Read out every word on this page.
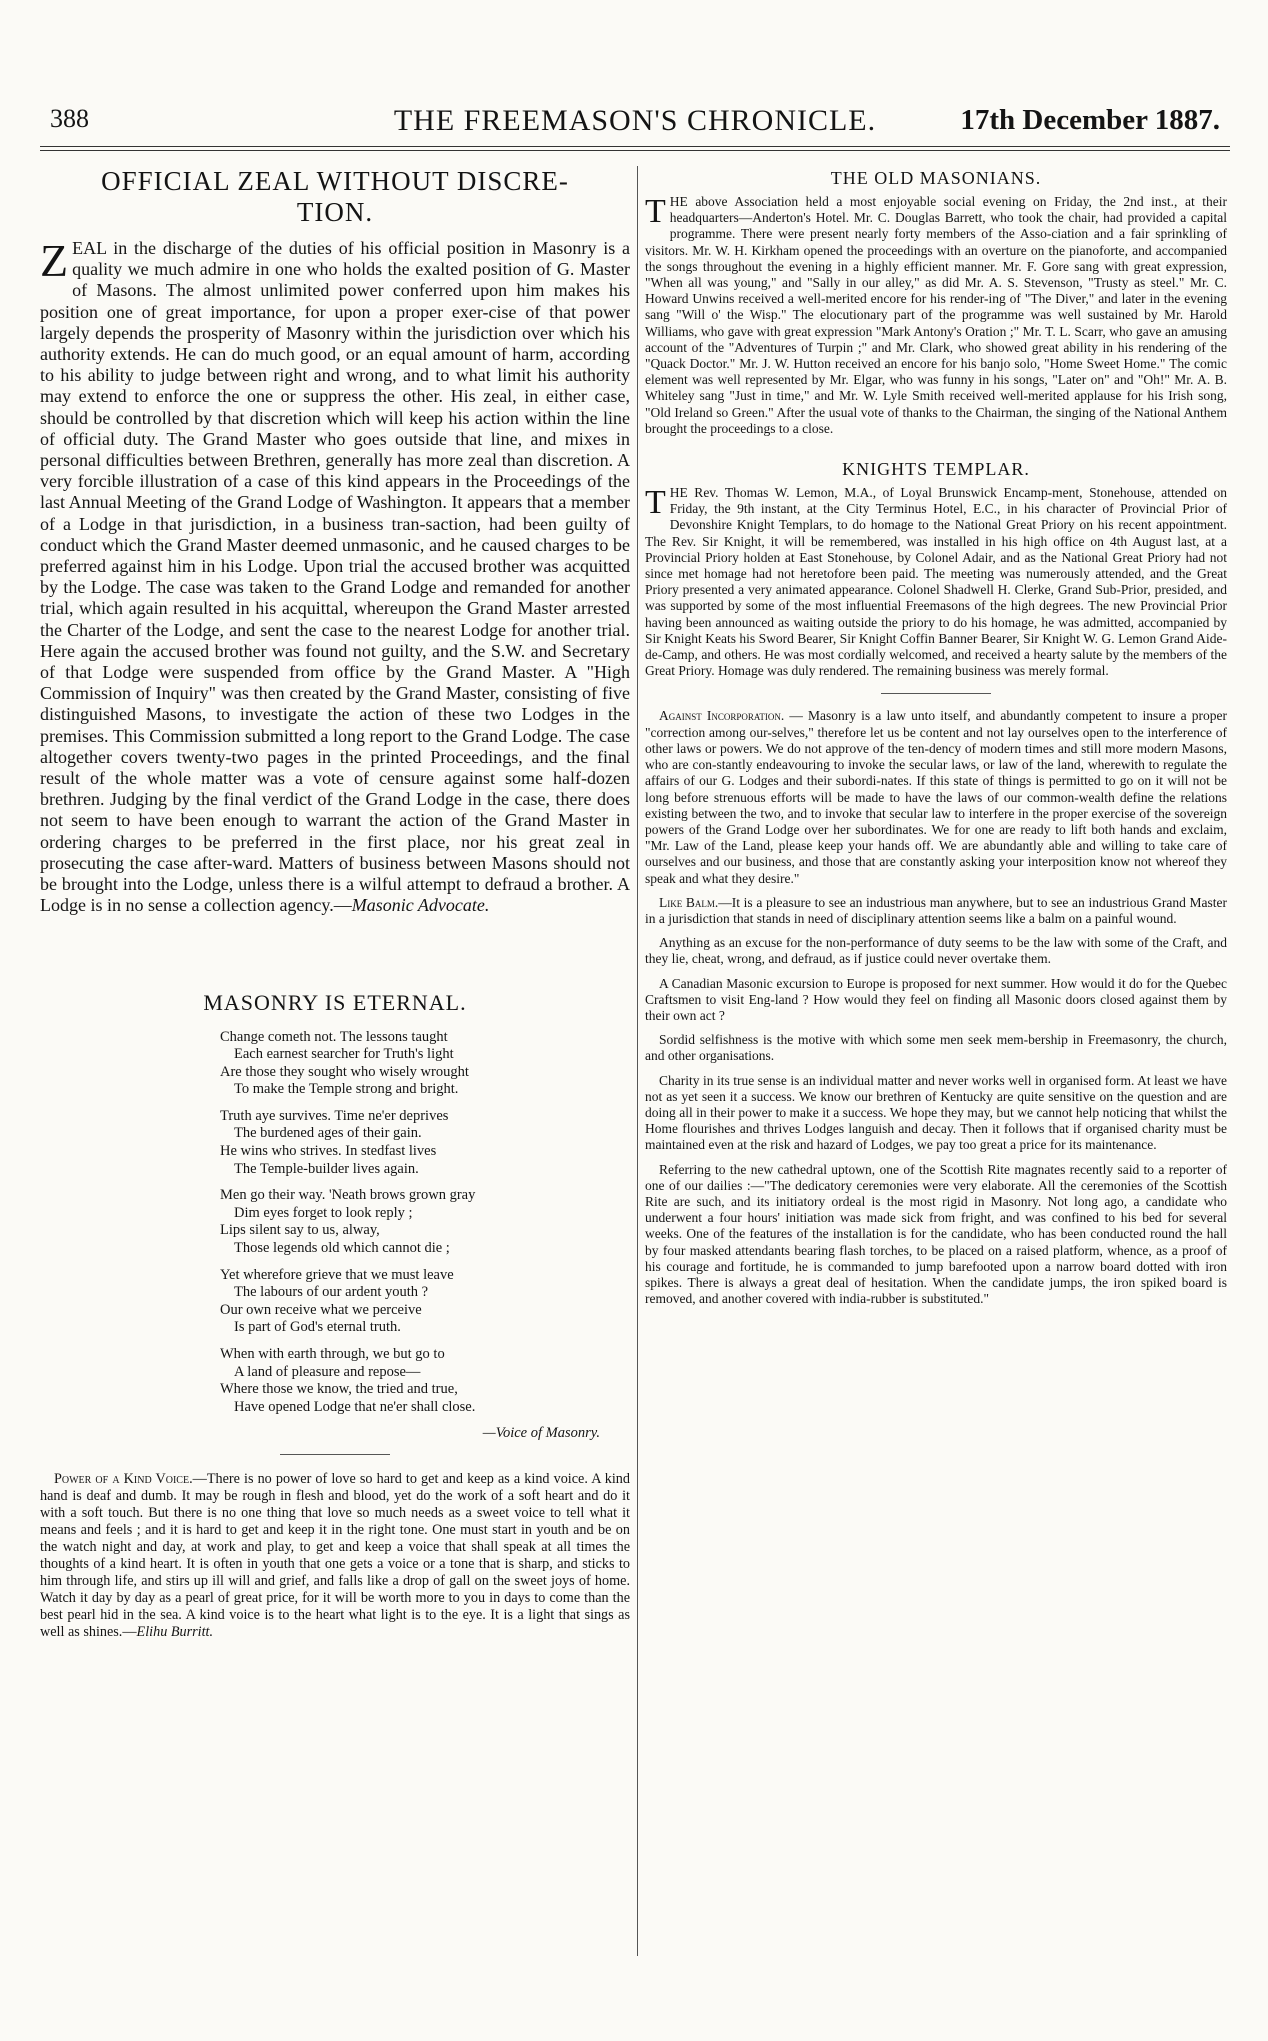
388	THE FREEMASON'S CHRONICLE.	17th December 1887.
OFFICIAL ZEAL WITHOUT DISCRE-TION.

ZEAL in the discharge of the duties of his official position in Masonry is a quality we much admire in one who holds the exalted position of G. Master of Masons. The almost unlimited power conferred upon him makes his position one of great importance, for upon a proper exer-cise of that power largely depends the prosperity of Masonry within the jurisdiction over which his authority extends. He can do much good, or an equal amount of harm, according to his ability to judge between right and wrong, and to what limit his authority may extend to enforce the one or suppress the other. His zeal, in either case, should be controlled by that discretion which will keep his action within the line of official duty. The Grand Master who goes outside that line, and mixes in personal difficulties between Brethren, generally has more zeal than discretion. A very forcible illustration of a case of this kind appears in the Proceedings of the last Annual Meeting of the Grand Lodge of Washington. It appears that a member of a Lodge in that jurisdiction, in a business tran-saction, had been guilty of conduct which the Grand Master deemed unmasonic, and he caused charges to be preferred against him in his Lodge. Upon trial the accused brother was acquitted by the Lodge. The case was taken to the Grand Lodge and remanded for another trial, which again resulted in his acquittal, whereupon the Grand Master arrested the Charter of the Lodge, and sent the case to the nearest Lodge for another trial. Here again the accused brother was found not guilty, and the S.W. and Secretary of that Lodge were suspended from office by the Grand Master. A "High Commission of Inquiry" was then created by the Grand Master, consisting of five distinguished Masons, to investigate the action of these two Lodges in the premises. This Commission submitted a long report to the Grand Lodge. The case altogether covers twenty-two pages in the printed Proceedings, and the final result of the whole matter was a vote of censure against some half-dozen brethren. Judging by the final verdict of the Grand Lodge in the case, there does not seem to have been enough to warrant the action of the Grand Master in ordering charges to be preferred in the first place, nor his great zeal in prosecuting the case after-ward. Matters of business between Masons should not be brought into the Lodge, unless there is a wilful attempt to defraud a brother. A Lodge is in no sense a collection agency.—Masonic Advocate.

MASONRY IS ETERNAL.
Change cometh not. The lessons taught
Each earnest searcher for Truth's light
Are those they sought who wisely wrought
To make the Temple strong and bright.
Truth aye survives. Time ne'er deprives
The burdened ages of their gain.
He wins who strives. In stedfast lives
The Temple-builder lives again.
Men go their way. 'Neath brows grown gray
Dim eyes forget to look reply ;
Lips silent say to us, alway,
Those legends old which cannot die ;
Yet wherefore grieve that we must leave
The labours of our ardent youth ?
Our own receive what we perceive
Is part of God's eternal truth.
When with earth through, we but go to
A land of pleasure and repose—
Where those we know, the tried and true,
Have opened Lodge that ne'er shall close.
—Voice of Masonry.

Power of a Kind Voice.—There is no power of love so hard to get and keep as a kind voice. A kind hand is deaf and dumb. It may be rough in flesh and blood, yet do the work of a soft heart and do it with a soft touch. But there is no one thing that love so much needs as a sweet voice to tell what it means and feels ; and it is hard to get and keep it in the right tone. One must start in youth and be on the watch night and day, at work and play, to get and keep a voice that shall speak at all times the thoughts of a kind heart. It is often in youth that one gets a voice or a tone that is sharp, and sticks to him through life, and stirs up ill will and grief, and falls like a drop of gall on the sweet joys of home. Watch it day by day as a pearl of great price, for it will be worth more to you in days to come than the best pearl hid in the sea. A kind voice is to the heart what light is to the eye. It is a light that sings as well as shines.—Elihu Burritt.

THE OLD MASONIANS.

THE above Association held a most enjoyable social evening on Friday, the 2nd inst., at their headquarters—Anderton's Hotel. Mr. C. Douglas Barrett, who took the chair, had provided a capital programme. There were present nearly forty members of the Asso-ciation and a fair sprinkling of visitors. Mr. W. H. Kirkham opened the proceedings with an overture on the pianoforte, and accompanied the songs throughout the evening in a highly efficient manner. Mr. F. Gore sang with great expression, "When all was young," and "Sally in our alley," as did Mr. A. S. Stevenson, "Trusty as steel." Mr. C. Howard Unwins received a well-merited encore for his render-ing of "The Diver," and later in the evening sang "Will o' the Wisp." The elocutionary part of the programme was well sustained by Mr. Harold Williams, who gave with great expression "Mark Antony's Oration ;" Mr. T. L. Scarr, who gave an amusing account of the "Adventures of Turpin ;" and Mr. Clark, who showed great ability in his rendering of the "Quack Doctor." Mr. J. W. Hutton received an encore for his banjo solo, "Home Sweet Home." The comic element was well represented by Mr. Elgar, who was funny in his songs, "Later on" and "Oh!" Mr. A. B. Whiteley sang "Just in time," and Mr. W. Lyle Smith received well-merited applause for his Irish song, "Old Ireland so Green." After the usual vote of thanks to the Chairman, the singing of the National Anthem brought the proceedings to a close.

KNIGHTS TEMPLAR.

THE Rev. Thomas W. Lemon, M.A., of Loyal Brunswick Encamp-ment, Stonehouse, attended on Friday, the 9th instant, at the City Terminus Hotel, E.C., in his character of Provincial Prior of Devonshire Knight Templars, to do homage to the National Great Priory on his recent appointment. The Rev. Sir Knight, it will be remembered, was installed in his high office on 4th August last, at a Provincial Priory holden at East Stonehouse, by Colonel Adair, and as the National Great Priory had not since met homage had not heretofore been paid. The meeting was numerously attended, and the Great Priory presented a very animated appearance. Colonel Shadwell H. Clerke, Grand Sub-Prior, presided, and was supported by some of the most influential Freemasons of the high degrees. The new Provincial Prior having been announced as waiting outside the priory to do his homage, he was admitted, accompanied by Sir Knight Keats his Sword Bearer, Sir Knight Coffin Banner Bearer, Sir Knight W. G. Lemon Grand Aide-de-Camp, and others. He was most cordially welcomed, and received a hearty salute by the members of the Great Priory. Homage was duly rendered. The remaining business was merely formal.

Against Incorporation. — Masonry is a law unto itself, and abundantly competent to insure a proper "correction among our-selves," therefore let us be content and not lay ourselves open to the interference of other laws or powers. We do not approve of the ten-dency of modern times and still more modern Masons, who are con-stantly endeavouring to invoke the secular laws, or law of the land, wherewith to regulate the affairs of our G. Lodges and their subordi-nates. If this state of things is permitted to go on it will not be long before strenuous efforts will be made to have the laws of our common-wealth define the relations existing between the two, and to invoke that secular law to interfere in the proper exercise of the sovereign powers of the Grand Lodge over her subordinates. We for one are ready to lift both hands and exclaim, "Mr. Law of the Land, please keep your hands off. We are abundantly able and willing to take care of ourselves and our business, and those that are constantly asking your interposition know not whereof they speak and what they desire."

Like Balm.—It is a pleasure to see an industrious man anywhere, but to see an industrious Grand Master in a jurisdiction that stands in need of disciplinary attention seems like a balm on a painful wound.

Anything as an excuse for the non-performance of duty seems to be the law with some of the Craft, and they lie, cheat, wrong, and defraud, as if justice could never overtake them.

A Canadian Masonic excursion to Europe is proposed for next summer. How would it do for the Quebec Craftsmen to visit Eng-land ? How would they feel on finding all Masonic doors closed against them by their own act ?

Sordid selfishness is the motive with which some men seek mem-bership in Freemasonry, the church, and other organisations.

Charity in its true sense is an individual matter and never works well in organised form. At least we have not as yet seen it a success. We know our brethren of Kentucky are quite sensitive on the question and are doing all in their power to make it a success. We hope they may, but we cannot help noticing that whilst the Home flourishes and thrives Lodges languish and decay. Then it follows that if organised charity must be maintained even at the risk and hazard of Lodges, we pay too great a price for its maintenance.

Referring to the new cathedral uptown, one of the Scottish Rite magnates recently said to a reporter of one of our dailies :—"The dedicatory ceremonies were very elaborate. All the ceremonies of the Scottish Rite are such, and its initiatory ordeal is the most rigid in Masonry. Not long ago, a candidate who underwent a four hours' initiation was made sick from fright, and was confined to his bed for several weeks. One of the features of the installation is for the candidate, who has been conducted round the hall by four masked attendants bearing flash torches, to be placed on a raised platform, whence, as a proof of his courage and fortitude, he is commanded to jump barefooted upon a narrow board dotted with iron spikes. There is always a great deal of hesitation. When the candidate jumps, the iron spiked board is removed, and another covered with india-rubber is substituted."
